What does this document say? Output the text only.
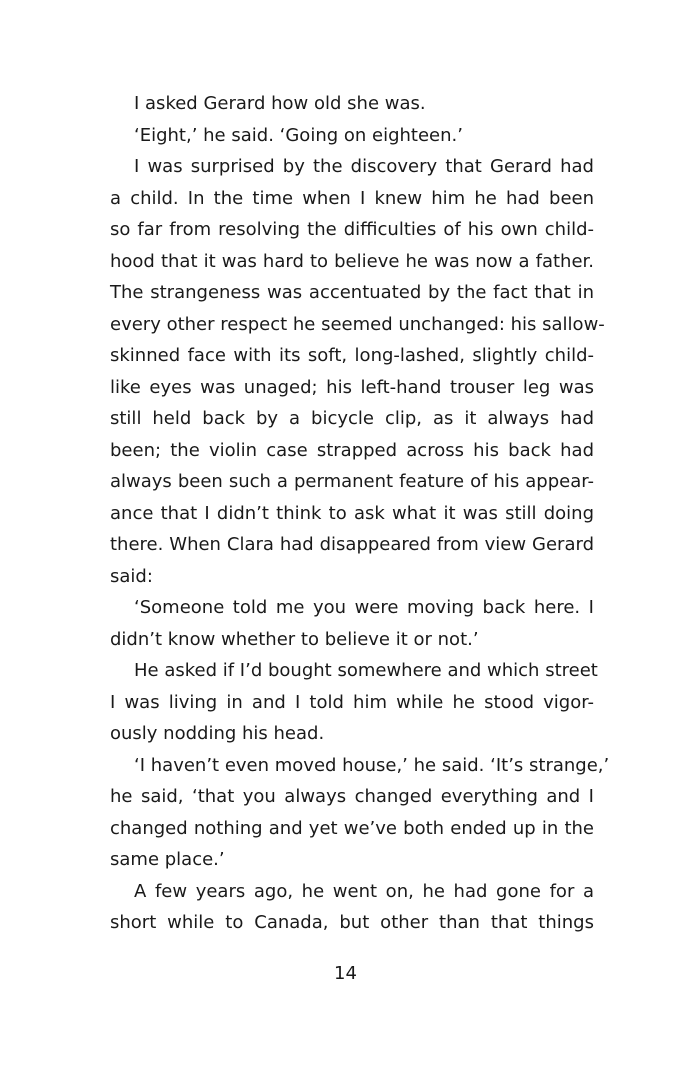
I asked Gerard how old she was.
‘Eight,’ he said. ‘Going on eighteen.’
I was surprised by the discovery that Gerard had
a child. In the time when I knew him he had been
so far from resolving the difficulties of his own child-
hood that it was hard to believe he was now a father.
The strangeness was accentuated by the fact that in
every other respect he seemed unchanged: his sallow-
skinned face with its soft, long-lashed, slightly child-
like eyes was unaged; his left-hand trouser leg was
still held back by a bicycle clip, as it always had
been; the violin case strapped across his back had
always been such a permanent feature of his appear-
ance that I didn’t think to ask what it was still doing
there. When Clara had disappeared from view Gerard
said:
‘Someone told me you were moving back here. I
didn’t know whether to believe it or not.’
He asked if I’d bought somewhere and which street
I was living in and I told him while he stood vigor-
ously nodding his head.
‘I haven’t even moved house,’ he said. ‘It’s strange,’
he said, ‘that you always changed everything and I
changed nothing and yet we’ve both ended up in the
same place.’
A few years ago, he went on, he had gone for a
short while to Canada, but other than that things
14
